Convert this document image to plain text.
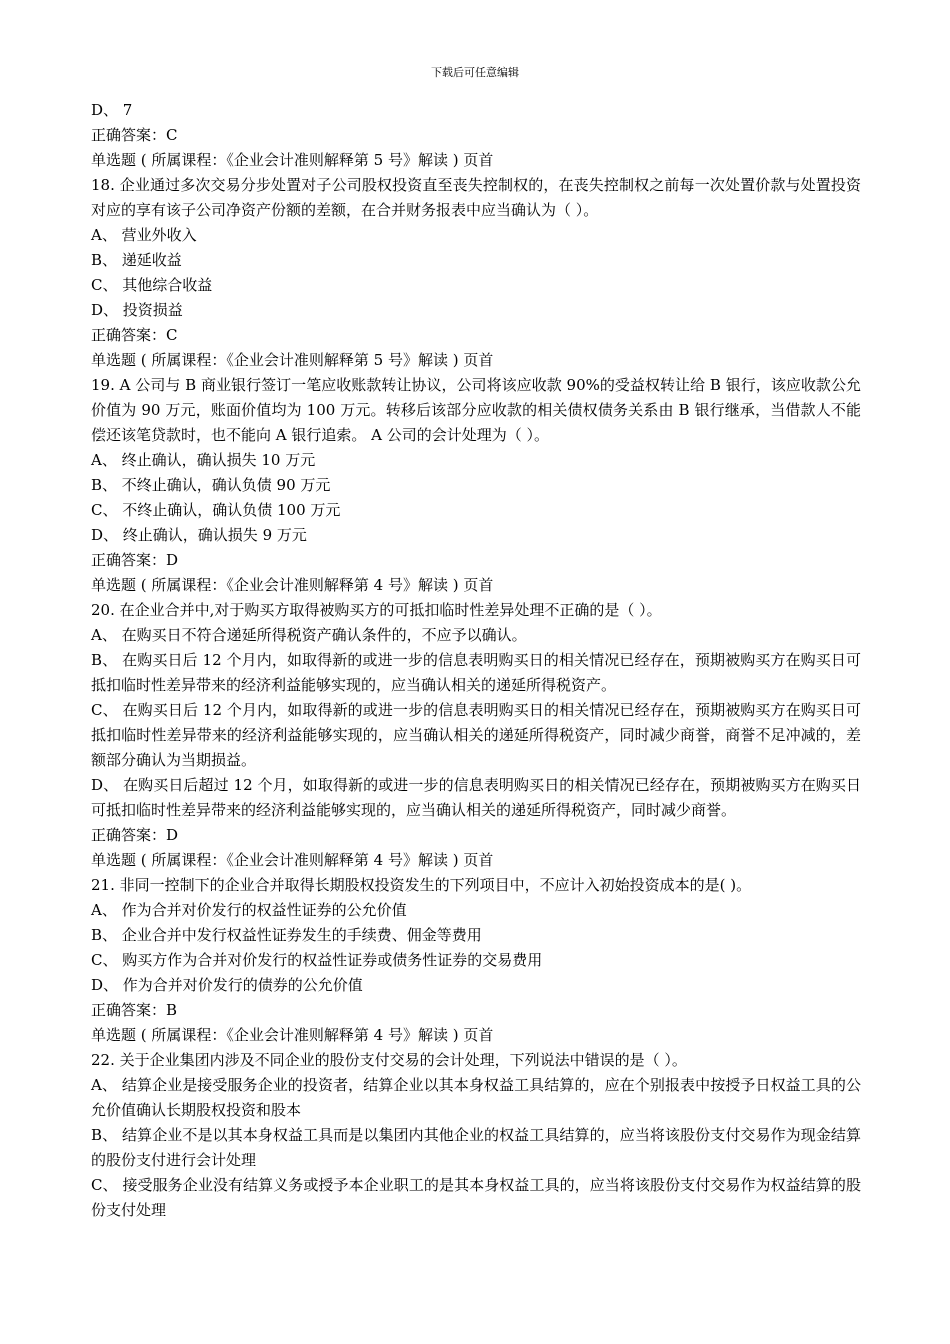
下载后可任意编辑

D、 7

正确答案：C

单选题 ( 所属课程：《企业会计准则解释第 5 号》解读 ) 页首

18. 企业通过多次交易分步处置对子公司股权投资直至丧失控制权的，在丧失控制权之前每一次处置价款与处置投资对应的享有该子公司净资产份额的差额，在合并财务报表中应当确认为（ ）。

A、 营业外收入

B、 递延收益

C、 其他综合收益

D、 投资损益

正确答案：C

单选题 ( 所属课程：《企业会计准则解释第 5 号》解读 ) 页首

19. A 公司与 B 商业银行签订一笔应收账款转让协议，公司将该应收款 90%的受益权转让给 B 银行，该应收款公允价值为 90 万元，账面价值均为 100 万元。转移后该部分应收款的相关债权债务关系由 B 银行继承，当借款人不能偿还该笔贷款时，也不能向 A 银行追索。 A 公司的会计处理为（ ）。

A、 终止确认，确认损失 10 万元

B、 不终止确认，确认负债 90 万元

C、 不终止确认，确认负债 100 万元

D、 终止确认，确认损失 9 万元

正确答案：D

单选题 ( 所属课程：《企业会计准则解释第 4 号》解读 ) 页首

20. 在企业合并中,对于购买方取得被购买方的可抵扣临时性差异处理不正确的是（ ）。

A、 在购买日不符合递延所得税资产确认条件的，不应予以确认。

B、 在购买日后 12 个月内，如取得新的或进一步的信息表明购买日的相关情况已经存在，预期被购买方在购买日可抵扣临时性差异带来的经济利益能够实现的，应当确认相关的递延所得税资产。

C、 在购买日后 12 个月内，如取得新的或进一步的信息表明购买日的相关情况已经存在，预期被购买方在购买日可抵扣临时性差异带来的经济利益能够实现的，应当确认相关的递延所得税资产，同时减少商誉，商誉不足冲减的，差额部分确认为当期损益。

D、 在购买日后超过 12 个月，如取得新的或进一步的信息表明购买日的相关情况已经存在，预期被购买方在购买日可抵扣临时性差异带来的经济利益能够实现的，应当确认相关的递延所得税资产，同时减少商誉。

正确答案：D

单选题 ( 所属课程：《企业会计准则解释第 4 号》解读 ) 页首

21. 非同一控制下的企业合并取得长期股权投资发生的下列项目中，不应计入初始投资成本的是( )。

A、 作为合并对价发行的权益性证券的公允价值

B、 企业合并中发行权益性证券发生的手续费、佣金等费用

C、 购买方作为合并对价发行的权益性证券或债务性证券的交易费用

D、 作为合并对价发行的债券的公允价值

正确答案：B

单选题 ( 所属课程：《企业会计准则解释第 4 号》解读 ) 页首

22. 关于企业集团内涉及不同企业的股份支付交易的会计处理，下列说法中错误的是（ ）。

A、 结算企业是接受服务企业的投资者，结算企业以其本身权益工具结算的，应在个别报表中按授予日权益工具的公允价值确认长期股权投资和股本

B、 结算企业不是以其本身权益工具而是以集团内其他企业的权益工具结算的，应当将该股份支付交易作为现金结算的股份支付进行会计处理

C、 接受服务企业没有结算义务或授予本企业职工的是其本身权益工具的，应当将该股份支付交易作为权益结算的股份支付处理
